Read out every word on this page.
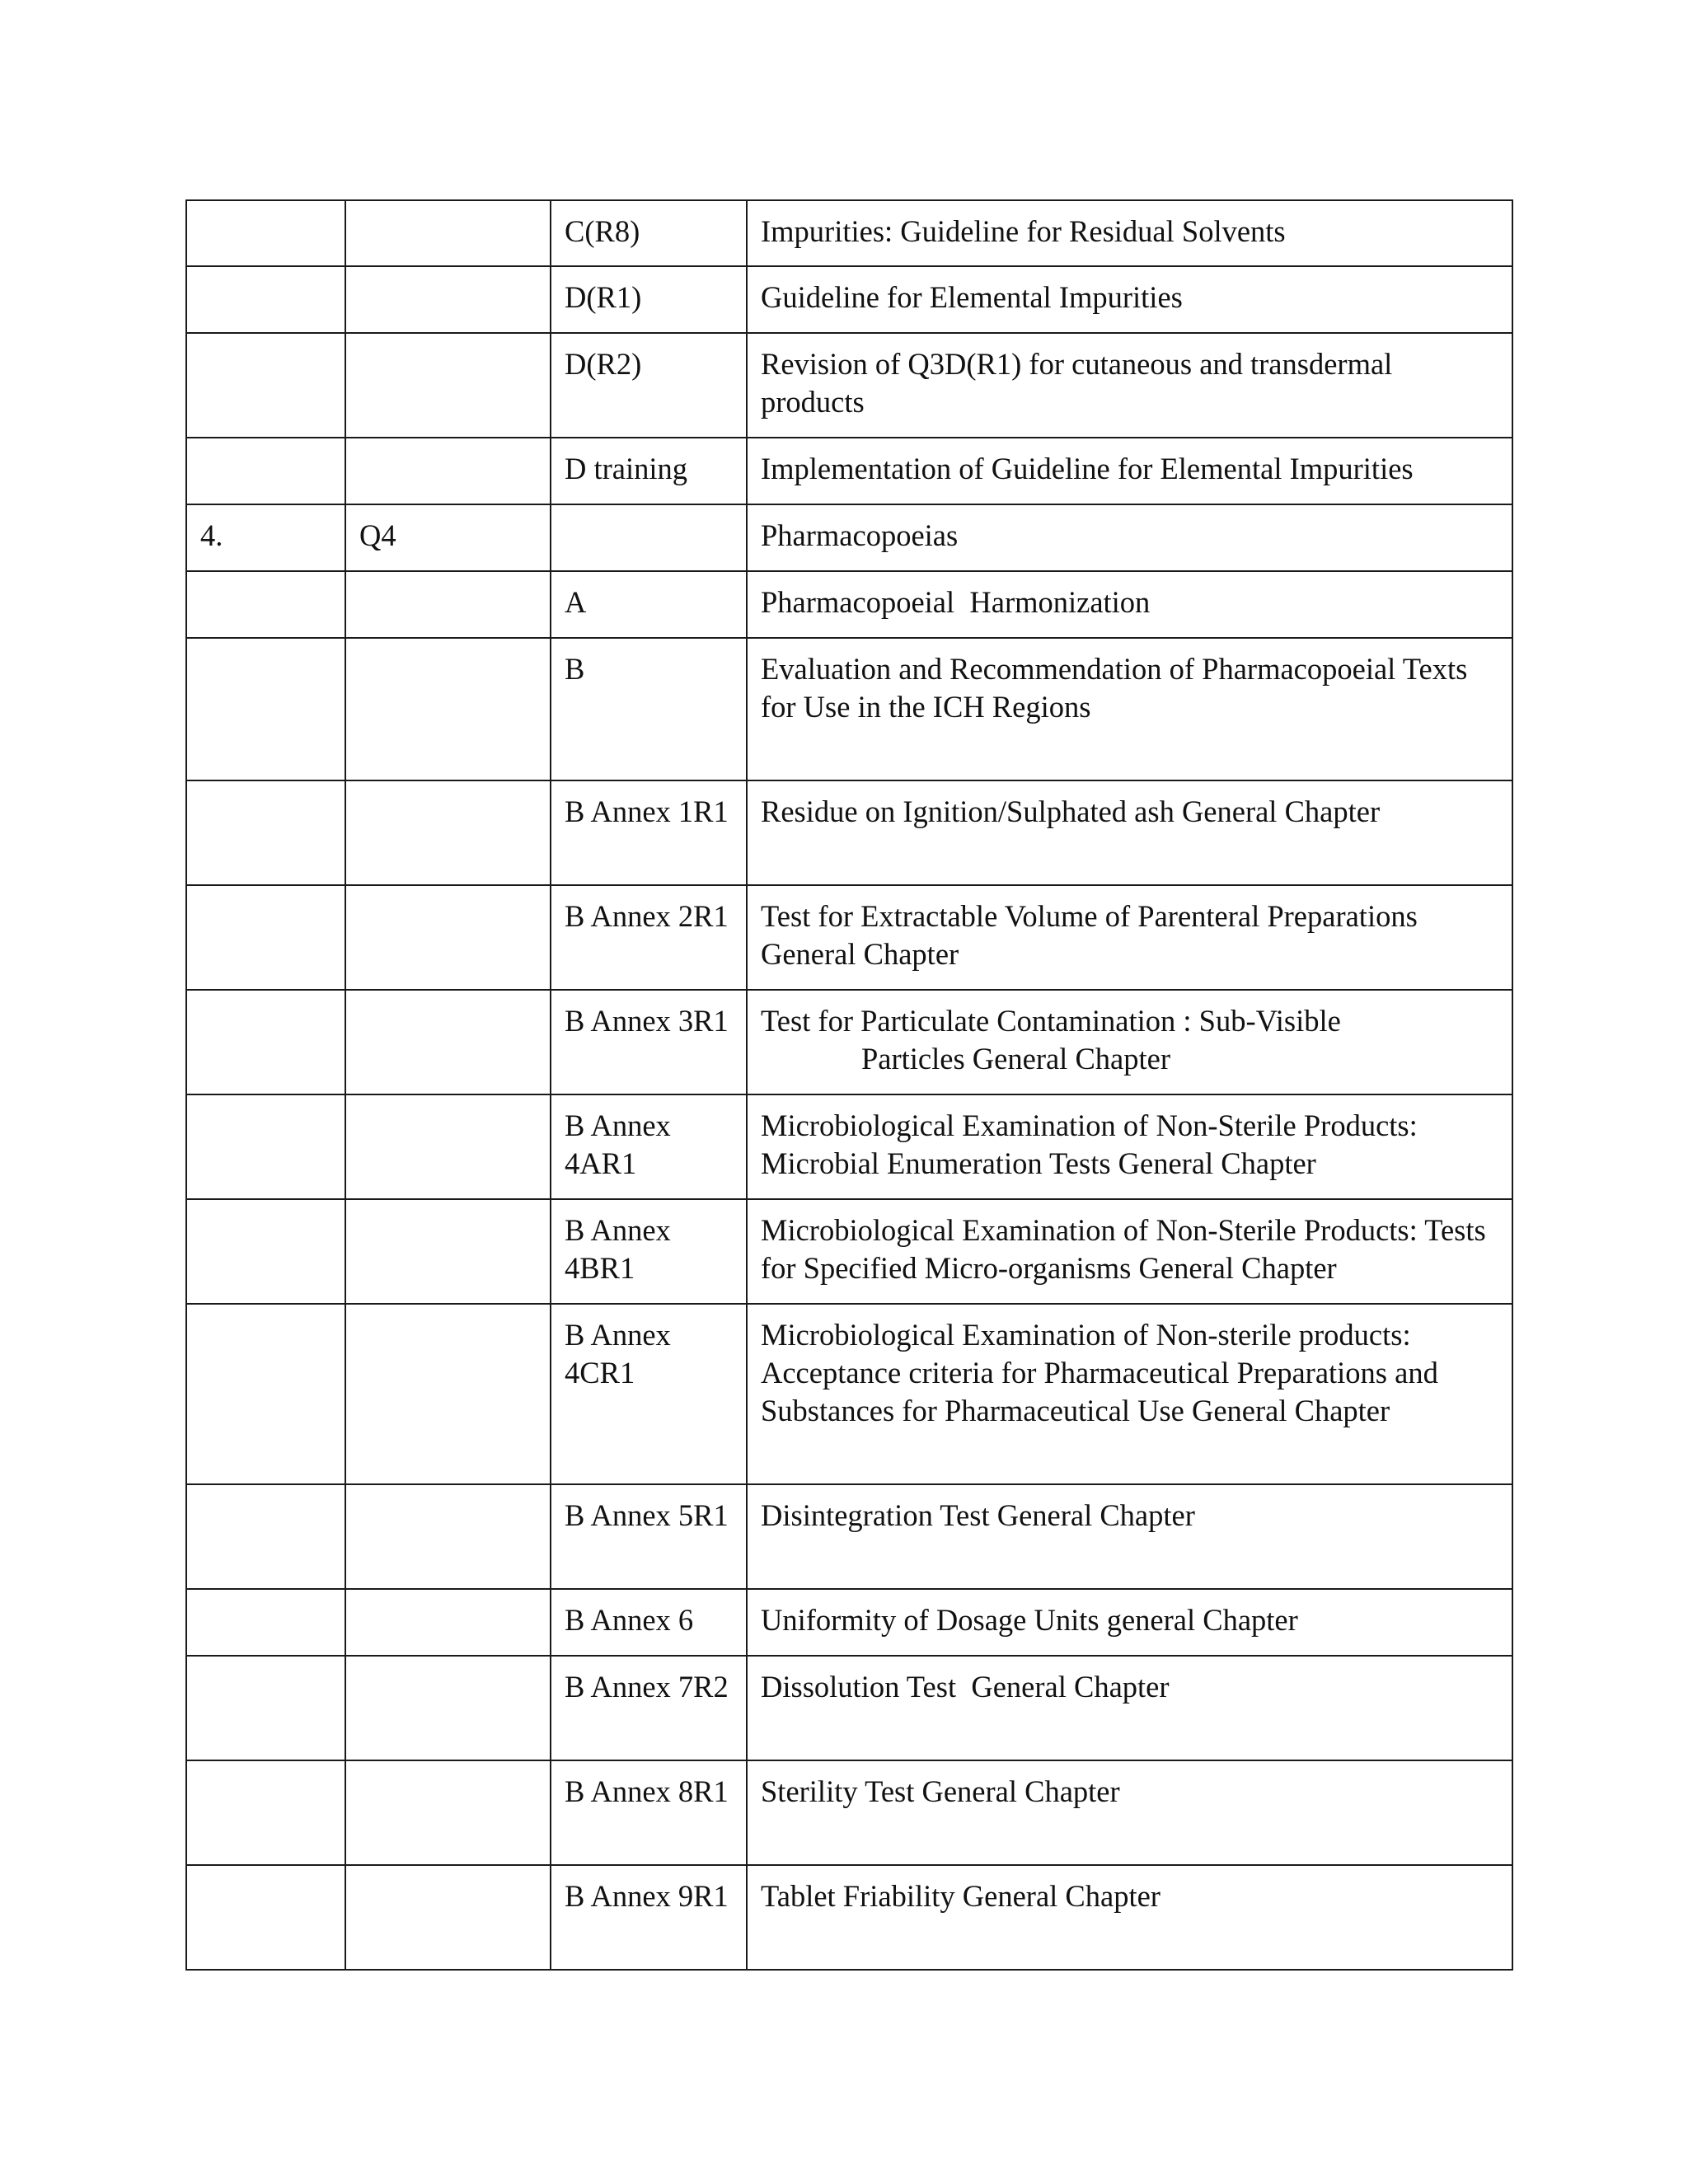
		C(R8)	Impurities: Guideline for Residual Solvents
		D(R1)	Guideline for Elemental Impurities
		D(R2)	Revision of Q3D(R1) for cutaneous and transdermal products
		D training	Implementation of Guideline for Elemental Impurities
4.	Q4		Pharmacopoeias
		A	Pharmacopoeial  Harmonization
		B	Evaluation and Recommendation of Pharmacopoeial Texts for Use in the ICH Regions
		B Annex 1R1	Residue on Ignition/Sulphated ash General Chapter
		B Annex 2R1	Test for Extractable Volume of Parenteral Preparations General Chapter
		B Annex 3R1	Test for Particulate Contamination : Sub-Visible
Particles General Chapter

		B Annex 4AR1	Microbiological Examination of Non-Sterile Products: Microbial Enumeration Tests General Chapter
		B Annex 4BR1	Microbiological Examination of Non-Sterile Products: Tests for Specified Micro-organisms General Chapter
		B Annex 4CR1	Microbiological Examination of Non-sterile products: Acceptance criteria for Pharmaceutical Preparations and Substances for Pharmaceutical Use General Chapter
		B Annex 5R1	Disintegration Test General Chapter
		B Annex 6	Uniformity of Dosage Units general Chapter
		B Annex 7R2	Dissolution Test  General Chapter
		B Annex 8R1	Sterility Test General Chapter
		B Annex 9R1	Tablet Friability General Chapter
